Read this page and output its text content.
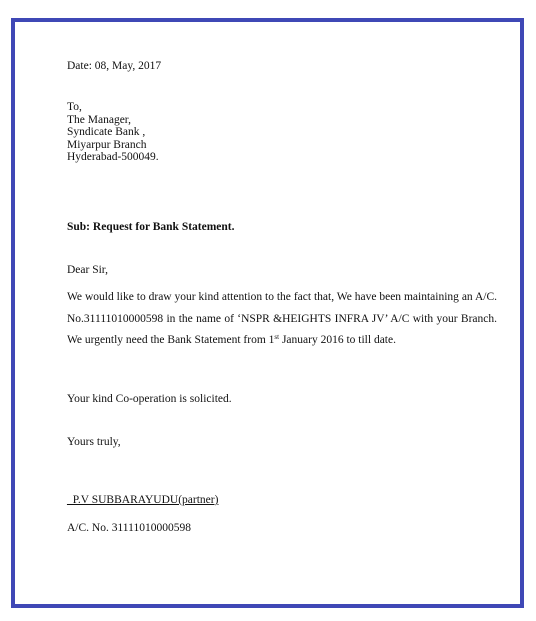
Date: 08, May, 2017
To,
The Manager,
Syndicate Bank ,
Miyarpur Branch
Hyderabad-500049.
Sub: Request for Bank Statement.
Dear Sir,
We would like to draw your kind attention to the fact that, We have been maintaining an A/C. No.31111010000598 in the name of ‘NSPR &HEIGHTS INFRA JV’ A/C with your Branch. We urgently need the Bank Statement from 1st January 2016 to till date.
Your kind Co-operation is solicited.
Yours truly,
_P.V SUBBARAYUDU(partner)
A/C. No. 31111010000598
